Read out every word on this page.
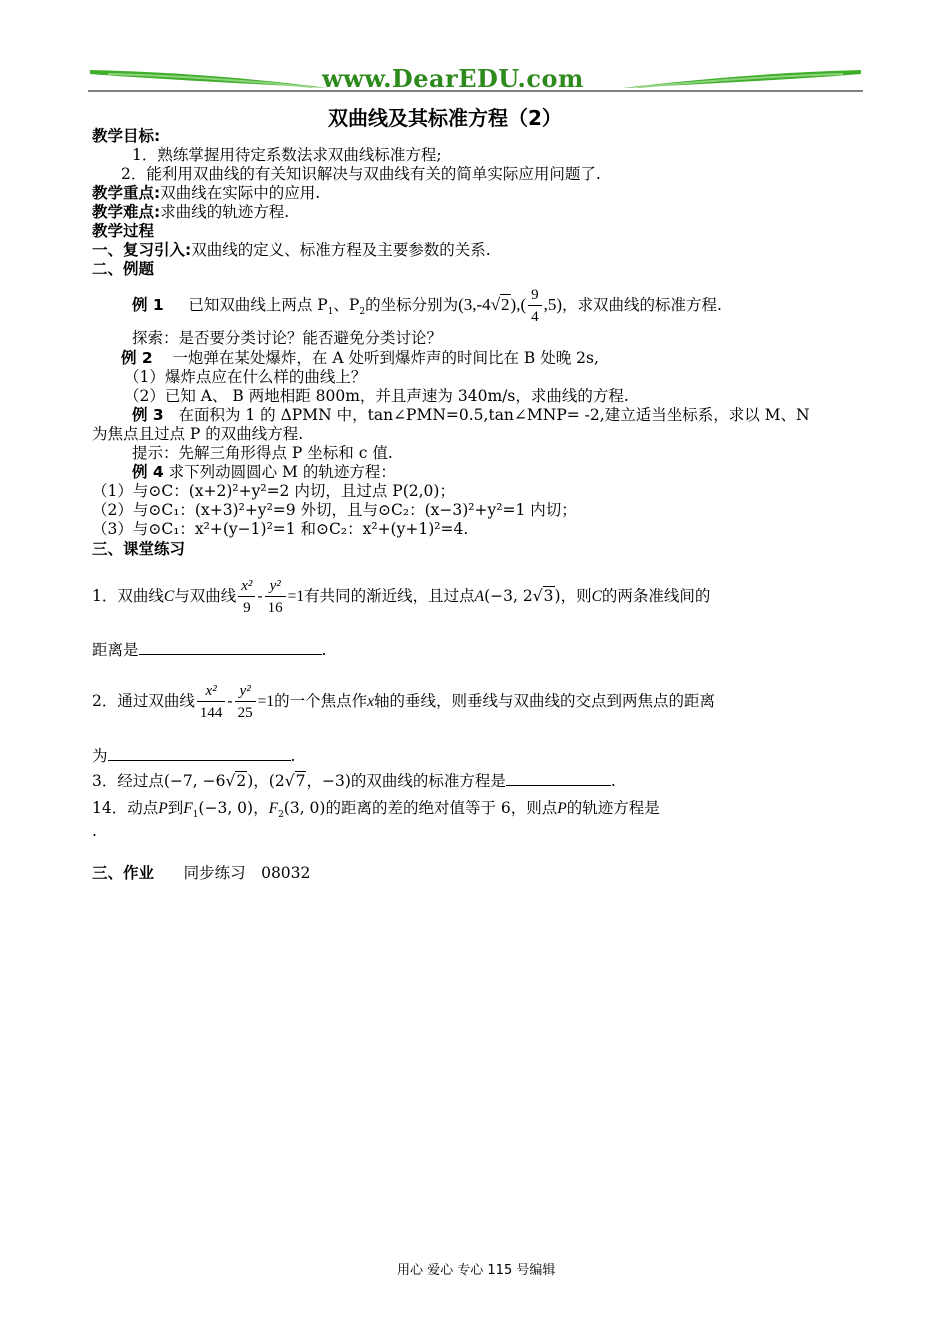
www.DearEDU.com
双曲线及其标准方程（2）
教学目标:
1．熟练掌握用待定系数法求双曲线标准方程;
2．能利用双曲线的有关知识解决与双曲线有关的简单实际应用问题了.
教学重点:双曲线在实际中的应用.
教学难点:求曲线的轨迹方程.
教学过程
一、复习引入:双曲线的定义、标准方程及主要参数的关系.
二、例题
例 1 已知双曲线上两点 $P_1$、$P_2$的坐标分别为$(3,-4√2),( \frac{9}{4} ,5)$，求双曲线的标准方程.
探索：是否要分类讨论？能否避免分类讨论？
例 2 一炮弹在某处爆炸，在 A 处听到爆炸声的时间比在 B 处晚 2s,
（1）爆炸点应在什么样的曲线上？
（2）已知 A、 B 两地相距 800m，并且声速为 340m/s，求曲线的方程.
例 3 在面积为 1 的 ΔPMN 中，tan∠PMN=0.5,tan∠MNP= -2,建立适当坐标系，求以 M、N
为焦点且过点 P 的双曲线方程.
提示：先解三角形得点 P 坐标和 c 值.
例 4 求下列动圆圆心 M 的轨迹方程：
（1）与⊙C：(x+2)²+y²=2 内切，且过点 P(2,0)；
（2）与⊙C₁：(x+3)²+y²=9 外切，且与⊙C₂：(x−3)²+y²=1 内切；
（3）与⊙C₁：x²+(y−1)²=1 和⊙C₂：x²+(y+1)²=4.
三、课堂练习
1．双曲线C与双曲线 $\frac{\text{x²}}{9} - \frac{\text{y²}}{16} =1$有共同的渐近线，且过点A(−3, 2√3)，则C的两条准线间的
距离是	.
2．通过双曲线 $\frac{\text{x²}}{144} - \frac{\text{y²}}{25} =1$的一个焦点作x轴的垂线，则垂线与双曲线的交点到两焦点的距离
为	.
3．经过点(−7, −6√2)，(2√7，−3)的双曲线的标准方程是	.
14．动点P到$F_1(-3$, 0)，$F_2(3$, 0)的距离的差的绝对值等于 6，则点P的轨迹方程是
.
三、作业 同步练习　08032
用心 爱心 专心 115 号编辑
